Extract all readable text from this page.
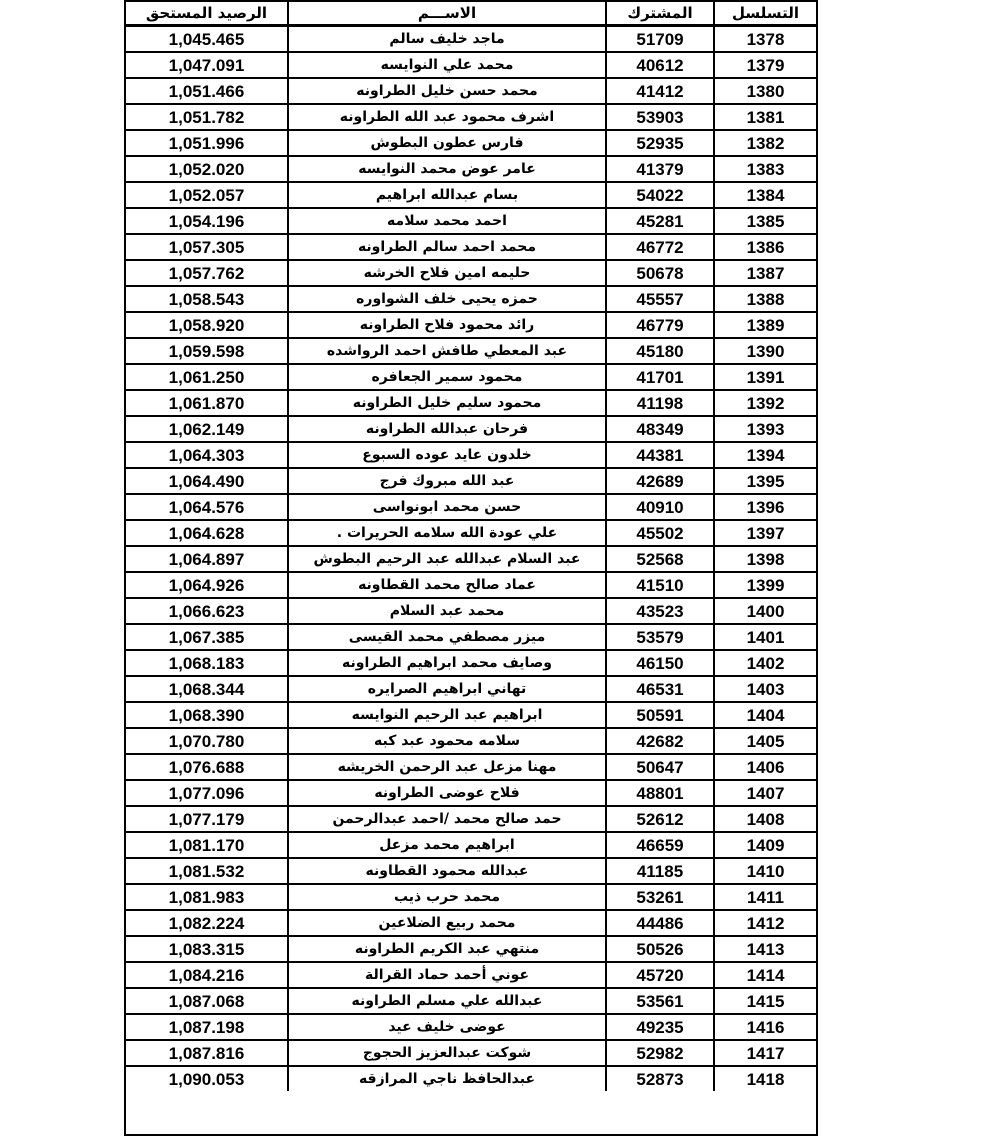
التسلسل	المشترك	الاســـم	الرصيد المستحق
1378	51709	ماجد خليف سالم	1,045.465
1379	40612	محمد علي النوايسه	1,047.091
1380	41412	محمد حسن خليل الطراونه	1,051.466
1381	53903	اشرف محمود عبد الله الطراونه	1,051.782
1382	52935	فارس عطون البطوش	1,051.996
1383	41379	عامر عوض محمد النوايسه	1,052.020
1384	54022	بسام عبدالله ابراهيم	1,052.057
1385	45281	احمد محمد سلامه	1,054.196
1386	46772	محمد احمد سالم الطراونه	1,057.305
1387	50678	حليمه امين فلاح الخرشه	1,057.762
1388	45557	حمزه يحيى خلف الشواوره	1,058.543
1389	46779	رائد محمود فلاح الطراونه	1,058.920
1390	45180	عبد المعطي طافش احمد الرواشده	1,059.598
1391	41701	محمود سمير الجعافره	1,061.250
1392	41198	محمود سليم خليل الطراونه	1,061.870
1393	48349	فرحان عبدالله الطراونه	1,062.149
1394	44381	خلدون عايد عوده السبوع	1,064.303
1395	42689	عبد الله مبروك فرج	1,064.490
1396	40910	حسن محمد ابونواسى	1,064.576
1397	45502	علي عودة الله سلامه الحريرات .	1,064.628
1398	52568	عبد السلام عبدالله عبد الرحيم البطوش	1,064.897
1399	41510	عماد صالح محمد القطاونه	1,064.926
1400	43523	محمد عبد السلام	1,066.623
1401	53579	ميزر مصطفي محمد القيسى	1,067.385
1402	46150	وصايف محمد ابراهيم الطراونه	1,068.183
1403	46531	تهاني ابراهيم الصرايره	1,068.344
1404	50591	ابراهيم عبد الرحيم النوايسه	1,068.390
1405	42682	سلامه محمود عبد كبه	1,070.780
1406	50647	مهنا مزعل عبد الرحمن الخريشه	1,076.688
1407	48801	فلاح عوضى الطراونه	1,077.096
1408	52612	حمد صالح محمد /احمد عبدالرحمن	1,077.179
1409	46659	ابراهيم محمد مزعل	1,081.170
1410	41185	عبدالله محمود القطاونه	1,081.532
1411	53261	محمد حرب ذيب	1,081.983
1412	44486	محمد ربيع الضلاعين	1,082.224
1413	50526	منتهي عبد الكريم الطراونه	1,083.315
1414	45720	عوني أحمد حماد القرالة	1,084.216
1415	53561	عبدالله علي مسلم الطراونه	1,087.068
1416	49235	عوضى خليف عيد	1,087.198
1417	52982	شوكت عبدالعزيز الحجوج	1,087.816
1418	52873	عبدالحافظ ناجي المرازقه	1,090.053
